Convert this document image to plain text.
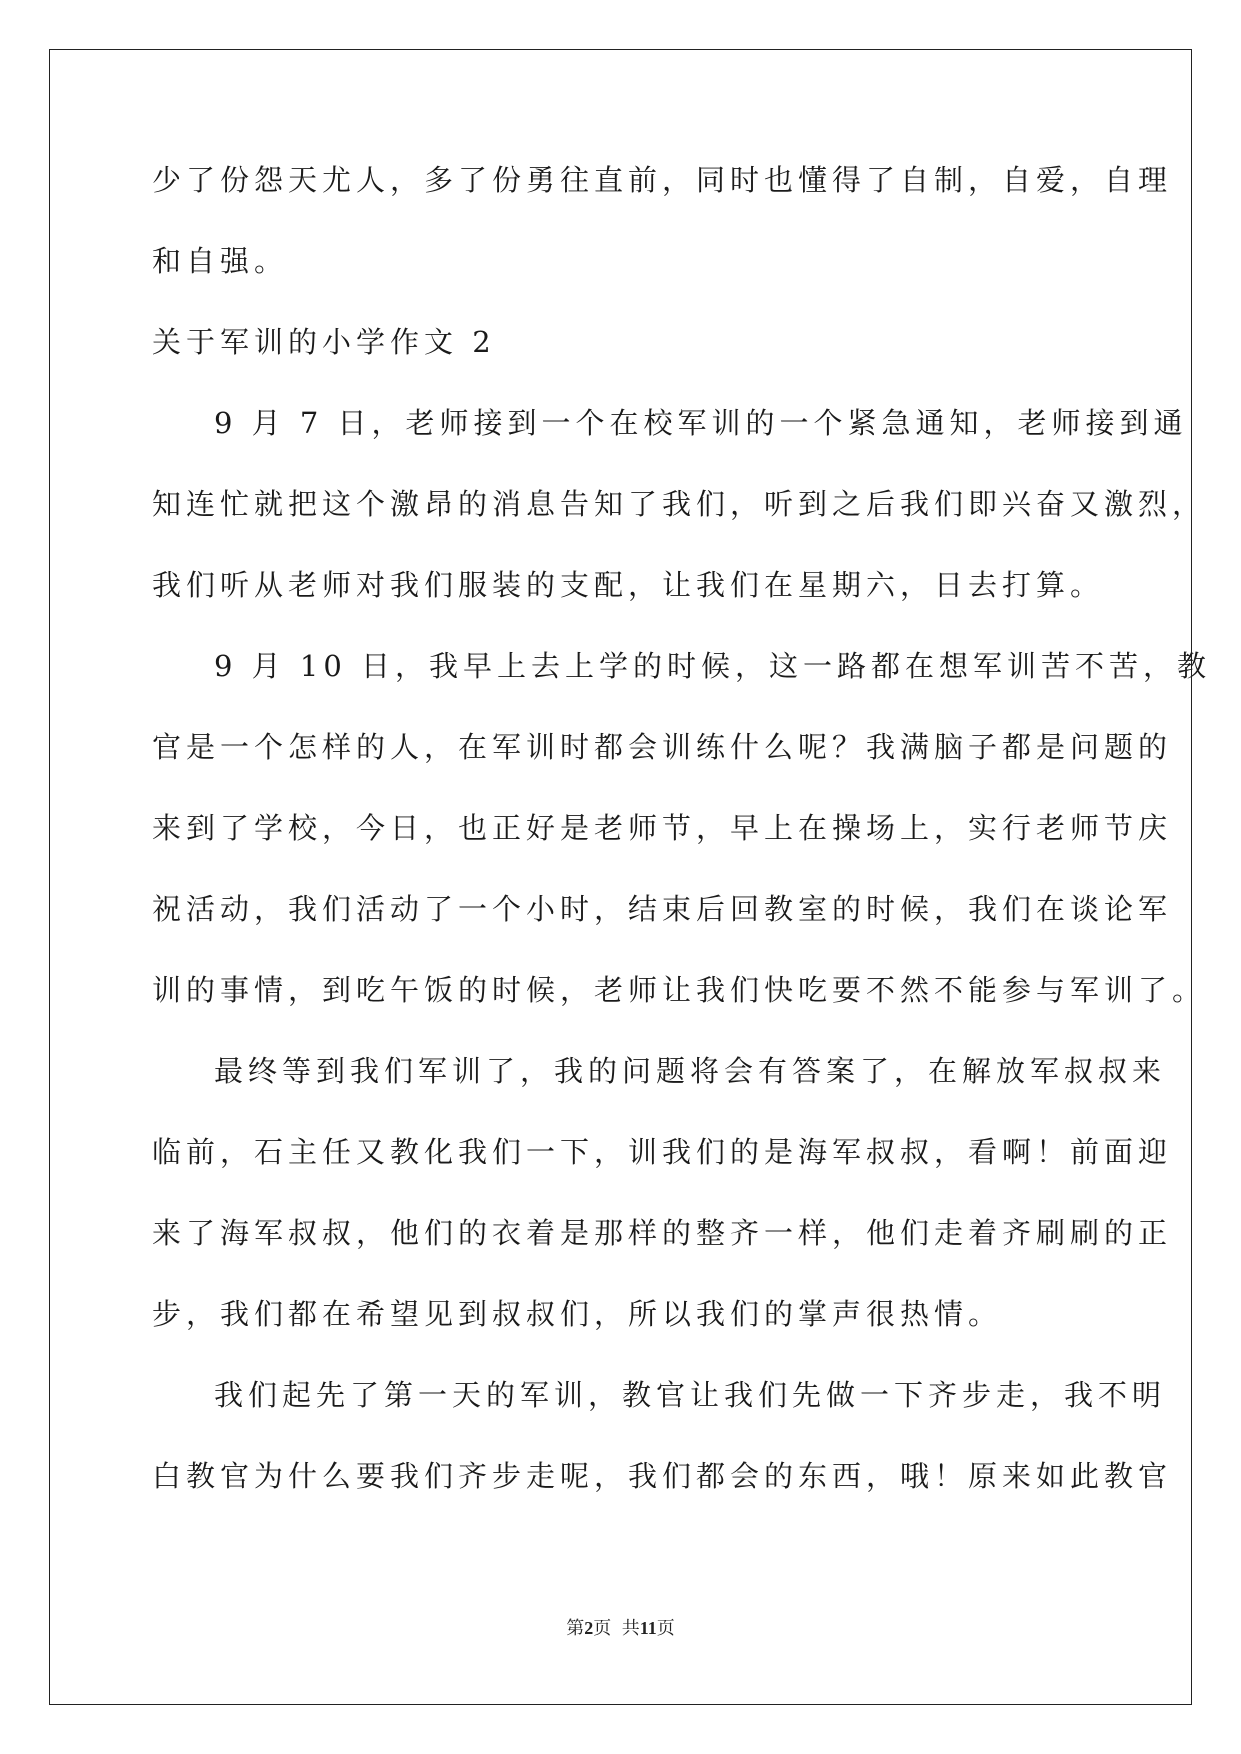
少了份怨天尤人，多了份勇往直前，同时也懂得了自制，自爱，自理
和自强。
关于军训的小学作文 2
9 月 7 日，老师接到一个在校军训的一个紧急通知，老师接到通
知连忙就把这个激昂的消息告知了我们，听到之后我们即兴奋又激烈，
我们听从老师对我们服装的支配，让我们在星期六，日去打算。
9 月 10 日，我早上去上学的时候，这一路都在想军训苦不苦，教
官是一个怎样的人，在军训时都会训练什么呢？我满脑子都是问题的
来到了学校，今日，也正好是老师节，早上在操场上，实行老师节庆
祝活动，我们活动了一个小时，结束后回教室的时候，我们在谈论军
训的事情，到吃午饭的时候，老师让我们快吃要不然不能参与军训了。
最终等到我们军训了，我的问题将会有答案了，在解放军叔叔来
临前，石主任又教化我们一下，训我们的是海军叔叔，看啊！前面迎
来了海军叔叔，他们的衣着是那样的整齐一样，他们走着齐刷刷的正
步，我们都在希望见到叔叔们，所以我们的掌声很热情。
我们起先了第一天的军训，教官让我们先做一下齐步走，我不明
白教官为什么要我们齐步走呢，我们都会的东西，哦！原来如此教官
第2页 共11页
